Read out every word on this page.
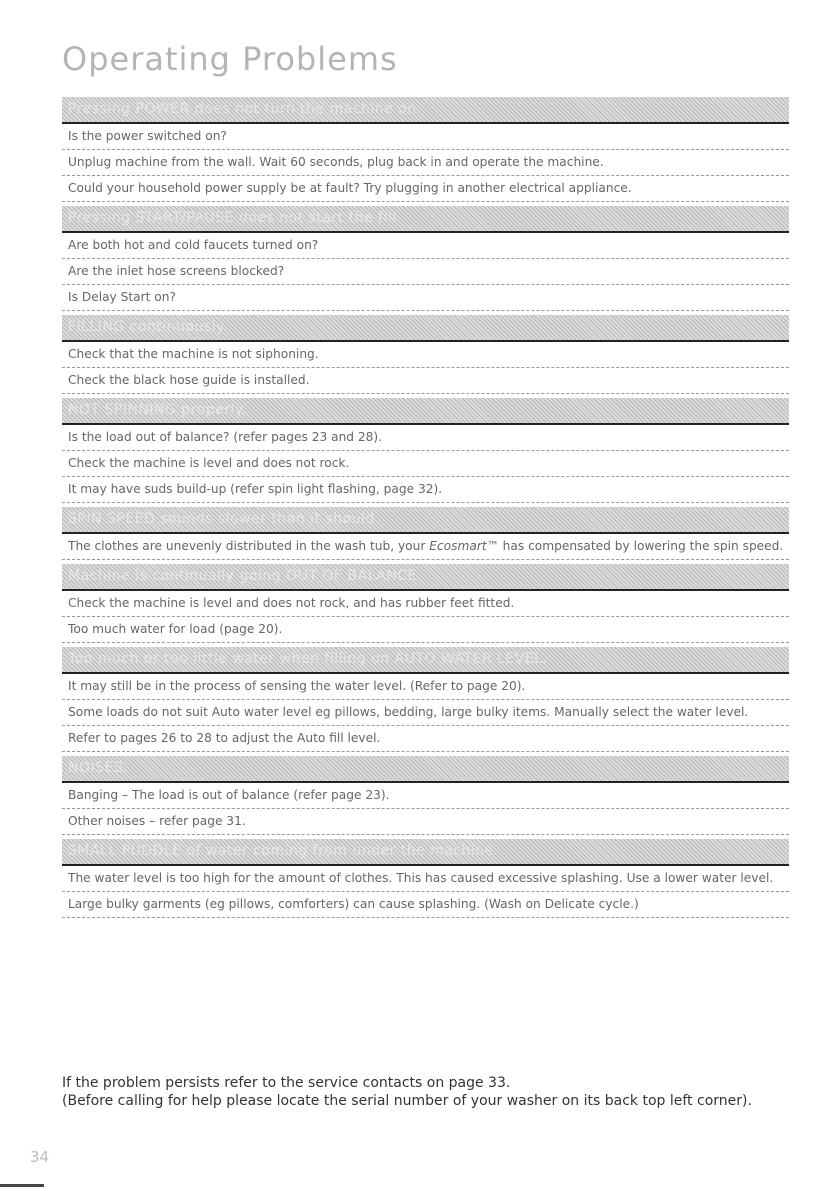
Operating Problems
Pressing POWER does not turn the machine on.
Is the power switched on?
Unplug machine from the wall. Wait 60 seconds, plug back in and operate the machine.
Could your household power supply be at fault? Try plugging in another electrical appliance.
Pressing START/PAUSE does not start the fill.
Are both hot and cold faucets turned on?
Are the inlet hose screens blocked?
Is Delay Start on?
FILLING continuously.
Check that the machine is not siphoning.
Check the black hose guide is installed.
NOT SPINNING properly.
Is the load out of balance? (refer pages 23 and 28).
Check the machine is level and does not rock.
It may have suds build-up (refer spin light flashing, page 32).
SPIN SPEED sounds slower than it should.
The clothes are unevenly distributed in the wash tub, your Ecosmart™ has compensated by lowering the spin speed.
Machine is continually going OUT OF BALANCE.
Check the machine is level and does not rock, and has rubber feet fitted.
Too much water for load (page 20).
Too much or too little water when filling on AUTO WATER LEVEL.
It may still be in the process of sensing the water level. (Refer to page 20).
Some loads do not suit Auto water level eg pillows, bedding, large bulky items. Manually select the water level.
Refer to pages 26 to 28 to adjust the Auto fill level.
NOISES.
Banging – The load is out of balance (refer page 23).
Other noises – refer page 31.
SMALL PUDDLE of water coming from under the machine.
The water level is too high for the amount of clothes. This has caused excessive splashing. Use a lower water level.
Large bulky garments (eg pillows, comforters) can cause splashing. (Wash on Delicate cycle.)
If the problem persists refer to the service contacts on page 33.
(Before calling for help please locate the serial number of your washer on its back top left corner).
34
